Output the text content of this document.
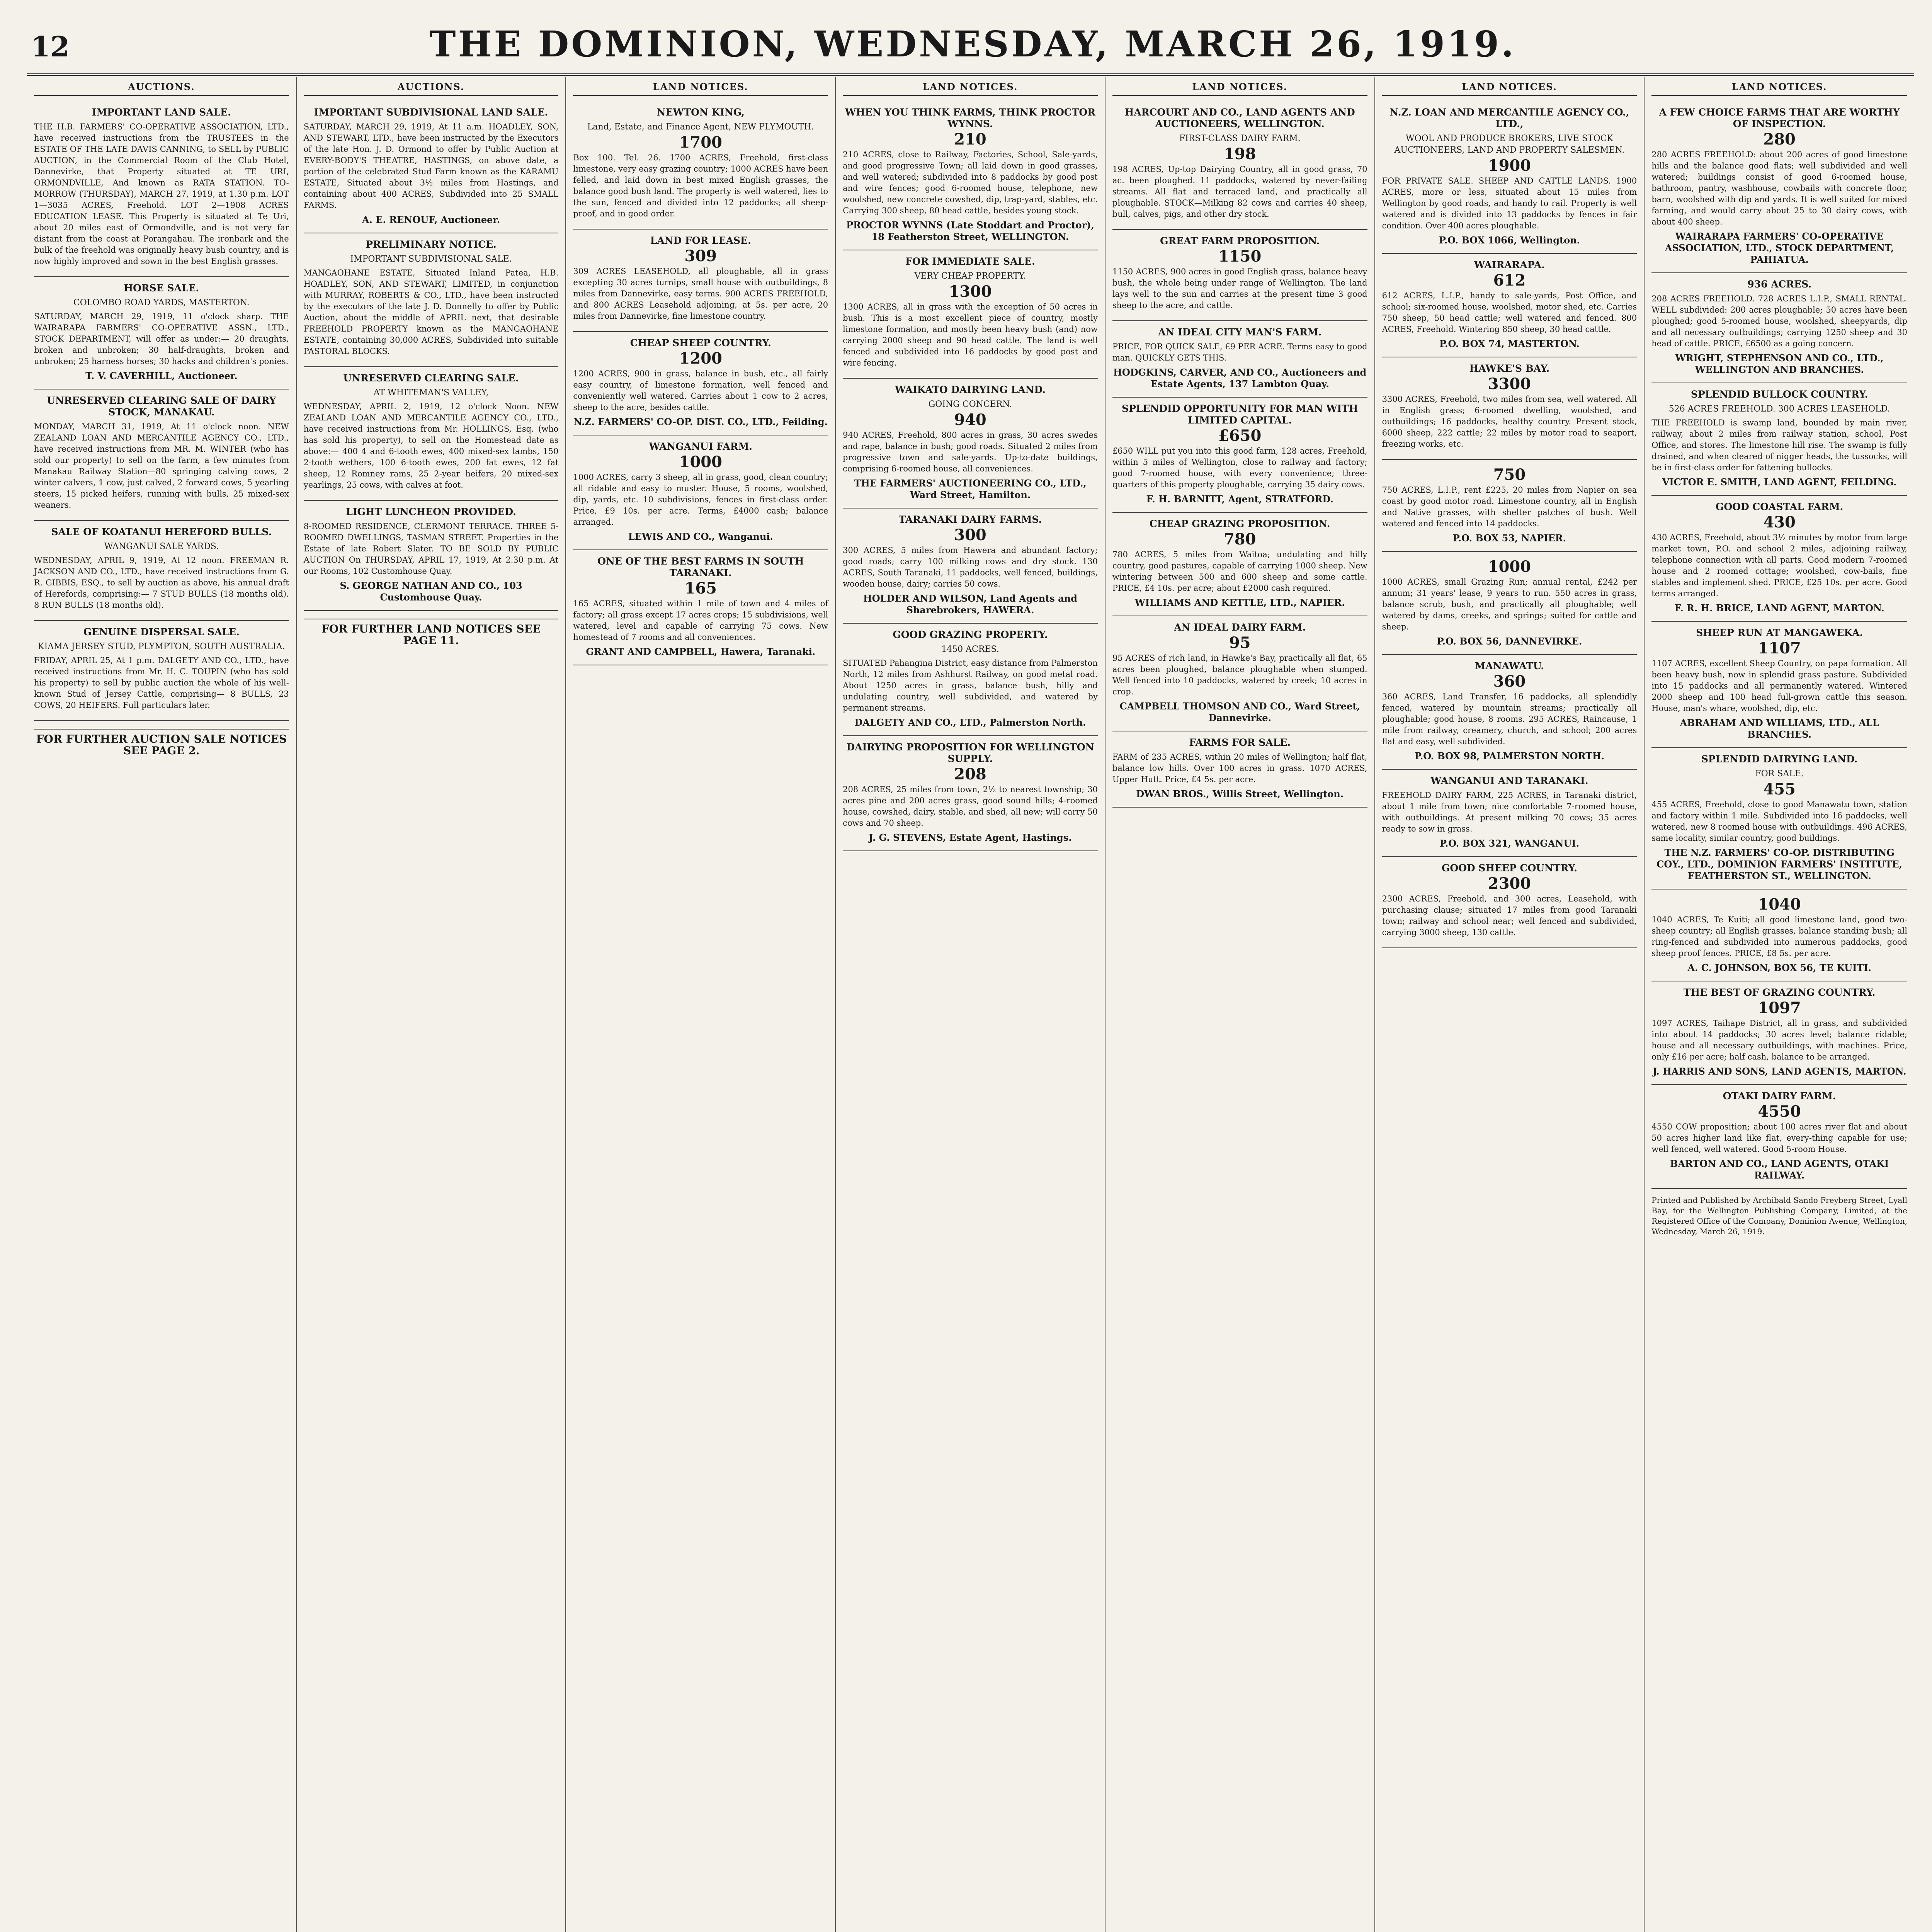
12	THE DOMINION, WEDNESDAY, MARCH 26, 1919.
AUCTIONS.
IMPORTANT LAND SALE.
THE H.B. FARMERS' CO-OPERATIVE ASSOCIATION, LTD., have received instructions from the TRUSTEES in the ESTATE OF THE LATE DAVIS CANNING, to SELL by PUBLIC AUCTION, in the Commercial Room of the Club Hotel, Dannevirke, that Property situated at TE URI, ORMONDVILLE, And known as RATA STATION. TO-MORROW (THURSDAY), MARCH 27, 1919, at 1.30 p.m. LOT 1—3035 ACRES, Freehold. LOT 2—1908 ACRES EDUCATION LEASE. This Property is situated at Te Uri, about 20 miles east of Ormondville, and is not very far distant from the coast at Porangahau. The ironbark and the bulk of the freehold was originally heavy bush country, and is now highly improved and sown in the best English grasses.
HORSE SALE.
COLOMBO ROAD YARDS, MASTERTON.
SATURDAY, MARCH 29, 1919, 11 o'clock sharp. THE WAIRARAPA FARMERS' CO-OPERATIVE ASSN., LTD., STOCK DEPARTMENT, will offer as under:— 20 draughts, broken and unbroken; 30 half-draughts, broken and unbroken; 25 harness horses; 30 hacks and children's ponies.
T. V. CAVERHILL, Auctioneer.
UNRESERVED CLEARING SALE OF DAIRY STOCK, MANAKAU.
MONDAY, MARCH 31, 1919, At 11 o'clock noon. NEW ZEALAND LOAN AND MERCANTILE AGENCY CO., LTD., have received instructions from MR. M. WINTER (who has sold our property) to sell on the farm, a few minutes from Manakau Railway Station—80 springing calving cows, 2 winter calvers, 1 cow, just calved, 2 forward cows, 5 yearling steers, 15 picked heifers, running with bulls, 25 mixed-sex weaners.
SALE OF KOATANUI HEREFORD BULLS.
WANGANUI SALE YARDS.
WEDNESDAY, APRIL 9, 1919, At 12 noon. FREEMAN R. JACKSON AND CO., LTD., have received instructions from G. R. GIBBIS, ESQ., to sell by auction as above, his annual draft of Herefords, comprising:— 7 STUD BULLS (18 months old). 8 RUN BULLS (18 months old).
GENUINE DISPERSAL SALE.
KIAMA JERSEY STUD, PLYMPTON, SOUTH AUSTRALIA.
FRIDAY, APRIL 25, At 1 p.m. DALGETY AND CO., LTD., have received instructions from Mr. H. C. TOUPIN (who has sold his property) to sell by public auction the whole of his well-known Stud of Jersey Cattle, comprising— 8 BULLS, 23 COWS, 20 HEIFERS. Full particulars later.
FOR FURTHER AUCTION SALE NOTICES SEE PAGE 2.
AUCTIONS.
IMPORTANT SUBDIVISIONAL LAND SALE.
SATURDAY, MARCH 29, 1919, At 11 a.m. HOADLEY, SON, AND STEWART, LTD., have been instructed by the Executors of the late Hon. J. D. Ormond to offer by Public Auction at EVERY-BODY'S THEATRE, HASTINGS, on above date, a portion of the celebrated Stud Farm known as the KARAMU ESTATE, Situated about 3½ miles from Hastings, and containing about 400 ACRES, Subdivided into 25 SMALL FARMS.
A. E. RENOUF, Auctioneer.
PRELIMINARY NOTICE.
IMPORTANT SUBDIVISIONAL SALE.
MANGAOHANE ESTATE, Situated Inland Patea, H.B. HOADLEY, SON, AND STEWART, LIMITED, in conjunction with MURRAY, ROBERTS & CO., LTD., have been instructed by the executors of the late J. D. Donnelly to offer by Public Auction, about the middle of APRIL next, that desirable FREEHOLD PROPERTY known as the MANGAOHANE ESTATE, containing 30,000 ACRES, Subdivided into suitable PASTORAL BLOCKS.
UNRESERVED CLEARING SALE.
AT WHITEMAN'S VALLEY,
WEDNESDAY, APRIL 2, 1919, 12 o'clock Noon. NEW ZEALAND LOAN AND MERCANTILE AGENCY CO., LTD., have received instructions from Mr. HOLLINGS, Esq. (who has sold his property), to sell on the Homestead date as above:— 400 4 and 6-tooth ewes, 400 mixed-sex lambs, 150 2-tooth wethers, 100 6-tooth ewes, 200 fat ewes, 12 fat sheep, 12 Romney rams, 25 2-year heifers, 20 mixed-sex yearlings, 25 cows, with calves at foot.
LIGHT LUNCHEON PROVIDED.
8-ROOMED RESIDENCE, CLERMONT TERRACE. THREE 5-ROOMED DWELLINGS, TASMAN STREET. Properties in the Estate of late Robert Slater. TO BE SOLD BY PUBLIC AUCTION On THURSDAY, APRIL 17, 1919, At 2.30 p.m. At our Rooms, 102 Customhouse Quay.
S. GEORGE NATHAN AND CO., 103 Customhouse Quay.
FOR FURTHER LAND NOTICES SEE PAGE 11.
LAND NOTICES.
NEWTON KING,
Land, Estate, and Finance Agent, NEW PLYMOUTH.
1700
Box 100. Tel. 26. 1700 ACRES, Freehold, first-class limestone, very easy grazing country; 1000 ACRES have been felled, and laid down in best mixed English grasses, the balance good bush land. The property is well watered, lies to the sun, fenced and divided into 12 paddocks; all sheep-proof, and in good order.
LAND FOR LEASE.
309
309 ACRES LEASEHOLD, all ploughable, all in grass excepting 30 acres turnips, small house with outbuildings, 8 miles from Dannevirke, easy terms. 900 ACRES FREEHOLD, and 800 ACRES Leasehold adjoining, at 5s. per acre, 20 miles from Dannevirke, fine limestone country.
CHEAP SHEEP COUNTRY.
1200
1200 ACRES, 900 in grass, balance in bush, etc., all fairly easy country, of limestone formation, well fenced and conveniently well watered. Carries about 1 cow to 2 acres, sheep to the acre, besides cattle.
N.Z. FARMERS' CO-OP. DIST. CO., LTD., Feilding.
WANGANUI FARM.
1000
1000 ACRES, carry 3 sheep, all in grass, good, clean country; all ridable and easy to muster. House, 5 rooms, woolshed, dip, yards, etc. 10 subdivisions, fences in first-class order. Price, £9 10s. per acre. Terms, £4000 cash; balance arranged.
LEWIS AND CO., Wanganui.
ONE OF THE BEST FARMS IN SOUTH TARANAKI.
165
165 ACRES, situated within 1 mile of town and 4 miles of factory; all grass except 17 acres crops; 15 subdivisions, well watered, level and capable of carrying 75 cows. New homestead of 7 rooms and all conveniences.
GRANT AND CAMPBELL, Hawera, Taranaki.
LAND NOTICES.
WHEN YOU THINK FARMS, THINK PROCTOR WYNNS.
210
210 ACRES, close to Railway, Factories, School, Sale-yards, and good progressive Town; all laid down in good grasses, and well watered; subdivided into 8 paddocks by good post and wire fences; good 6-roomed house, telephone, new woolshed, new concrete cowshed, dip, trap-yard, stables, etc. Carrying 300 sheep, 80 head cattle, besides young stock.
PROCTOR WYNNS (Late Stoddart and Proctor), 18 Featherston Street, WELLINGTON.
FOR IMMEDIATE SALE.
VERY CHEAP PROPERTY.
1300
1300 ACRES, all in grass with the exception of 50 acres in bush. This is a most excellent piece of country, mostly limestone formation, and mostly been heavy bush (and) now carrying 2000 sheep and 90 head cattle. The land is well fenced and subdivided into 16 paddocks by good post and wire fencing.
WAIKATO DAIRYING LAND.
GOING CONCERN.
940
940 ACRES, Freehold, 800 acres in grass, 30 acres swedes and rape, balance in bush; good roads. Situated 2 miles from progressive town and sale-yards. Up-to-date buildings, comprising 6-roomed house, all conveniences.
THE FARMERS' AUCTIONEERING CO., LTD., Ward Street, Hamilton.
TARANAKI DAIRY FARMS.
300
300 ACRES, 5 miles from Hawera and abundant factory; good roads; carry 100 milking cows and dry stock. 130 ACRES, South Taranaki, 11 paddocks, well fenced, buildings, wooden house, dairy; carries 50 cows.
HOLDER AND WILSON, Land Agents and Sharebrokers, HAWERA.
GOOD GRAZING PROPERTY.
1450 ACRES.
SITUATED Pahangina District, easy distance from Palmerston North, 12 miles from Ashhurst Railway, on good metal road. About 1250 acres in grass, balance bush, hilly and undulating country, well subdivided, and watered by permanent streams.
DALGETY AND CO., LTD., Palmerston North.
DAIRYING PROPOSITION FOR WELLINGTON SUPPLY.
208
208 ACRES, 25 miles from town, 2½ to nearest township; 30 acres pine and 200 acres grass, good sound hills; 4-roomed house, cowshed, dairy, stable, and shed, all new; will carry 50 cows and 70 sheep.
J. G. STEVENS, Estate Agent, Hastings.
LAND NOTICES.
HARCOURT AND CO., LAND AGENTS AND AUCTIONEERS, WELLINGTON.
FIRST-CLASS DAIRY FARM.
198
198 ACRES, Up-top Dairying Country, all in good grass, 70 ac. been ploughed. 11 paddocks, watered by never-failing streams. All flat and terraced land, and practically all ploughable. STOCK—Milking 82 cows and carries 40 sheep, bull, calves, pigs, and other dry stock.
GREAT FARM PROPOSITION.
1150
1150 ACRES, 900 acres in good English grass, balance heavy bush, the whole being under range of Wellington. The land lays well to the sun and carries at the present time 3 good sheep to the acre, and cattle.
AN IDEAL CITY MAN'S FARM.
PRICE, FOR QUICK SALE, £9 PER ACRE. Terms easy to good man. QUICKLY GETS THIS.
HODGKINS, CARVER, AND CO., Auctioneers and Estate Agents, 137 Lambton Quay.
SPLENDID OPPORTUNITY FOR MAN WITH LIMITED CAPITAL.
£650
£650 WILL put you into this good farm, 128 acres, Freehold, within 5 miles of Wellington, close to railway and factory; good 7-roomed house, with every convenience; three-quarters of this property ploughable, carrying 35 dairy cows.
F. H. BARNITT, Agent, STRATFORD.
CHEAP GRAZING PROPOSITION.
780
780 ACRES, 5 miles from Waitoa; undulating and hilly country, good pastures, capable of carrying 1000 sheep. New wintering between 500 and 600 sheep and some cattle. PRICE, £4 10s. per acre; about £2000 cash required.
WILLIAMS AND KETTLE, LTD., NAPIER.
AN IDEAL DAIRY FARM.
95
95 ACRES of rich land, in Hawke's Bay, practically all flat, 65 acres been ploughed, balance ploughable when stumped. Well fenced into 10 paddocks, watered by creek; 10 acres in crop.
CAMPBELL THOMSON AND CO., Ward Street, Dannevirke.
FARMS FOR SALE.
FARM of 235 ACRES, within 20 miles of Wellington; half flat, balance low hills. Over 100 acres in grass. 1070 ACRES, Upper Hutt. Price, £4 5s. per acre.
DWAN BROS., Willis Street, Wellington.
LAND NOTICES.
N.Z. LOAN AND MERCANTILE AGENCY CO., LTD.,
WOOL AND PRODUCE BROKERS, LIVE STOCK AUCTIONEERS, LAND AND PROPERTY SALESMEN.
1900
FOR PRIVATE SALE. SHEEP AND CATTLE LANDS. 1900 ACRES, more or less, situated about 15 miles from Wellington by good roads, and handy to rail. Property is well watered and is divided into 13 paddocks by fences in fair condition. Over 400 acres ploughable.
P.O. BOX 1066, Wellington.
WAIRARAPA.
612
612 ACRES, L.I.P., handy to sale-yards, Post Office, and school; six-roomed house, woolshed, motor shed, etc. Carries 750 sheep, 50 head cattle; well watered and fenced. 800 ACRES, Freehold. Wintering 850 sheep, 30 head cattle.
P.O. BOX 74, MASTERTON.
HAWKE'S BAY.
3300
3300 ACRES, Freehold, two miles from sea, well watered. All in English grass; 6-roomed dwelling, woolshed, and outbuildings; 16 paddocks, healthy country. Present stock, 6000 sheep, 222 cattle; 22 miles by motor road to seaport, freezing works, etc.
750
750 ACRES, L.I.P., rent £225, 20 miles from Napier on sea coast by good motor road. Limestone country, all in English and Native grasses, with shelter patches of bush. Well watered and fenced into 14 paddocks.
P.O. BOX 53, NAPIER.
1000
1000 ACRES, small Grazing Run; annual rental, £242 per annum; 31 years' lease, 9 years to run. 550 acres in grass, balance scrub, bush, and practically all ploughable; well watered by dams, creeks, and springs; suited for cattle and sheep.
P.O. BOX 56, DANNEVIRKE.
MANAWATU.
360
360 ACRES, Land Transfer, 16 paddocks, all splendidly fenced, watered by mountain streams; practically all ploughable; good house, 8 rooms. 295 ACRES, Raincause, 1 mile from railway, creamery, church, and school; 200 acres flat and easy, well subdivided.
P.O. BOX 98, PALMERSTON NORTH.
WANGANUI AND TARANAKI.
FREEHOLD DAIRY FARM, 225 ACRES, in Taranaki district, about 1 mile from town; nice comfortable 7-roomed house, with outbuildings. At present milking 70 cows; 35 acres ready to sow in grass.
P.O. BOX 321, WANGANUI.
GOOD SHEEP COUNTRY.
2300
2300 ACRES, Freehold, and 300 acres, Leasehold, with purchasing clause; situated 17 miles from good Taranaki town; railway and school near; well fenced and subdivided, carrying 3000 sheep, 130 cattle.
LAND NOTICES.
A FEW CHOICE FARMS THAT ARE WORTHY OF INSPECTION.
280
280 ACRES FREEHOLD: about 200 acres of good limestone hills and the balance good flats; well subdivided and well watered; buildings consist of good 6-roomed house, bathroom, pantry, washhouse, cowbails with concrete floor, barn, woolshed with dip and yards. It is well suited for mixed farming, and would carry about 25 to 30 dairy cows, with about 400 sheep.
WAIRARAPA FARMERS' CO-OPERATIVE ASSOCIATION, LTD., STOCK DEPARTMENT, PAHIATUA.
936 ACRES.
208 ACRES FREEHOLD. 728 ACRES L.I.P., SMALL RENTAL. WELL subdivided: 200 acres ploughable; 50 acres have been ploughed; good 5-roomed house, woolshed, sheepyards, dip and all necessary outbuildings; carrying 1250 sheep and 30 head of cattle. PRICE, £6500 as a going concern.
WRIGHT, STEPHENSON AND CO., LTD., WELLINGTON AND BRANCHES.
SPLENDID BULLOCK COUNTRY.
526 ACRES FREEHOLD. 300 ACRES LEASEHOLD.
THE FREEHOLD is swamp land, bounded by main river, railway, about 2 miles from railway station, school, Post Office, and stores. The limestone hill rise. The swamp is fully drained, and when cleared of nigger heads, the tussocks, will be in first-class order for fattening bullocks.
VICTOR E. SMITH, LAND AGENT, FEILDING.
GOOD COASTAL FARM.
430
430 ACRES, Freehold, about 3½ minutes by motor from large market town, P.O. and school 2 miles, adjoining railway, telephone connection with all parts. Good modern 7-roomed house and 2 roomed cottage; woolshed, cow-bails, fine stables and implement shed. PRICE, £25 10s. per acre. Good terms arranged.
F. R. H. BRICE, LAND AGENT, MARTON.
SHEEP RUN AT MANGAWEKA.
1107
1107 ACRES, excellent Sheep Country, on papa formation. All been heavy bush, now in splendid grass pasture. Subdivided into 15 paddocks and all permanently watered. Wintered 2000 sheep and 100 head full-grown cattle this season. House, man's whare, woolshed, dip, etc.
ABRAHAM AND WILLIAMS, LTD., ALL BRANCHES.
SPLENDID DAIRYING LAND.
FOR SALE.
455
455 ACRES, Freehold, close to good Manawatu town, station and factory within 1 mile. Subdivided into 16 paddocks, well watered, new 8 roomed house with outbuildings. 496 ACRES, same locality, similar country, good buildings.
THE N.Z. FARMERS' CO-OP. DISTRIBUTING COY., LTD., DOMINION FARMERS' INSTITUTE, FEATHERSTON ST., WELLINGTON.
1040
1040 ACRES, Te Kuiti; all good limestone land, good two-sheep country; all English grasses, balance standing bush; all ring-fenced and subdivided into numerous paddocks, good sheep proof fences. PRICE, £8 5s. per acre.
A. C. JOHNSON, BOX 56, TE KUITI.
THE BEST OF GRAZING COUNTRY.
1097
1097 ACRES, Taihape District, all in grass, and subdivided into about 14 paddocks; 30 acres level; balance ridable; house and all necessary outbuildings, with machines. Price, only £16 per acre; half cash, balance to be arranged.
J. HARRIS AND SONS, LAND AGENTS, MARTON.
OTAKI DAIRY FARM.
4550
4550 COW proposition; about 100 acres river flat and about 50 acres higher land like flat, every-thing capable for use; well fenced, well watered. Good 5-room House.
BARTON AND CO., LAND AGENTS, OTAKI RAILWAY.
Printed and Published by Archibald Sando Freyberg Street, Lyall Bay, for the Wellington Publishing Company, Limited, at the Registered Office of the Company, Dominion Avenue, Wellington, Wednesday, March 26, 1919.
